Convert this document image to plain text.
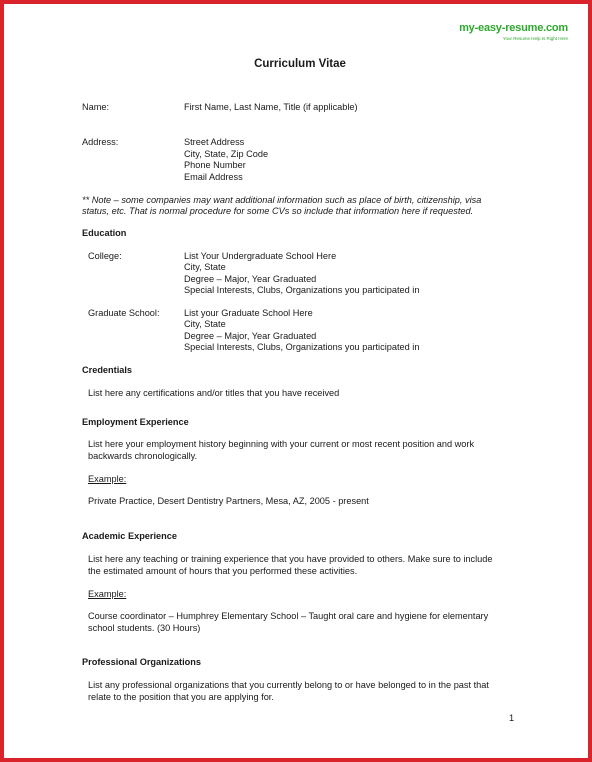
my-easy-resume.com
Your Resume Help Is Right Here
Curriculum Vitae
Name:	First Name, Last Name, Title (if applicable)
Address:	Street Address
City, State, Zip Code
Phone Number
Email Address
** Note – some companies may want additional information such as place of birth, citizenship, visa
status, etc. That is normal procedure for some CVs so include that information here if requested.
Education
College:	List Your Undergraduate School Here
City, State
Degree – Major, Year Graduated
Special Interests, Clubs, Organizations you participated in
Graduate School:	List your Graduate School Here
City, State
Degree – Major, Year Graduated
Special Interests, Clubs, Organizations you participated in
Credentials
List here any certifications and/or titles that you have received
Employment Experience
List here your employment history beginning with your current or most recent position and work
backwards chronologically.
Example:
Private Practice, Desert Dentistry Partners, Mesa, AZ, 2005 - present
Academic Experience
List here any teaching or training experience that you have provided to others. Make sure to include
the estimated amount of hours that you performed these activities.
Example:
Course coordinator – Humphrey Elementary School – Taught oral care and hygiene for elementary
school students. (30 Hours)
Professional Organizations
List any professional organizations that you currently belong to or have belonged to in the past that
relate to the position that you are applying for.
1
